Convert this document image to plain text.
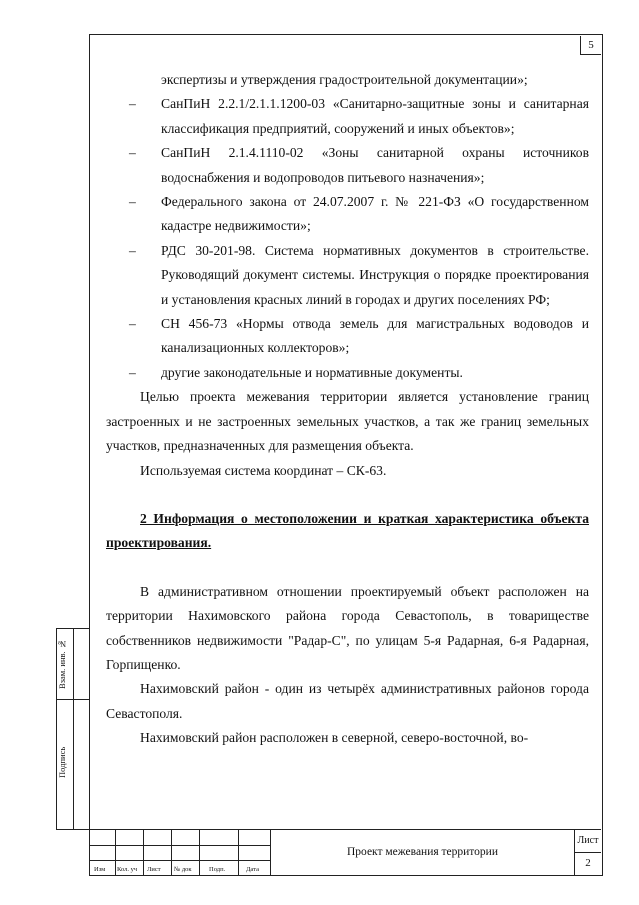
5

экспертизы и утверждения градостроительной документации»;

– СанПиН 2.2.1/2.1.1.1200-03 «Санитарно-защитные зоны и санитарная классификация предприятий, сооружений и иных объектов»;

– СанПиН 2.1.4.1110-02 «Зоны санитарной охраны источников водоснабжения и водопроводов питьевого назначения»;

– Федерального закона от 24.07.2007 г. № 221-ФЗ «О государственном кадастре недвижимости»;

– РДС 30-201-98. Система нормативных документов в строительстве. Руководящий документ системы. Инструкция о порядке проектирования и установления красных линий в городах и других поселениях РФ;

– СН 456-73 «Нормы отвода земель для магистральных водоводов и канализационных коллекторов»;

– другие законодательные и нормативные документы.

Целью проекта межевания территории является установление границ застроенных и не застроенных земельных участков, а так же границ земельных участков, предназначенных для размещения объекта.

Используемая система координат – СК-63.

2 Информация о местоположении и краткая характеристика объекта проектирования.

В административном отношении проектируемый объект расположен на территории Нахимовского района города Севастополь, в товариществе собственников недвижимости "Радар-С", по улицам 5-я Радарная, 6-я Радарная, Горпищенко.

Нахимовский район - один из четырёх административных районов города Севастополя.

Нахимовский район расположен в северной, северо-восточной, во-

Взам. инв. №
Подпись
Изм Кол. уч Лист № док	Подп.	Дата
Проект межевания территории
Лист
2
